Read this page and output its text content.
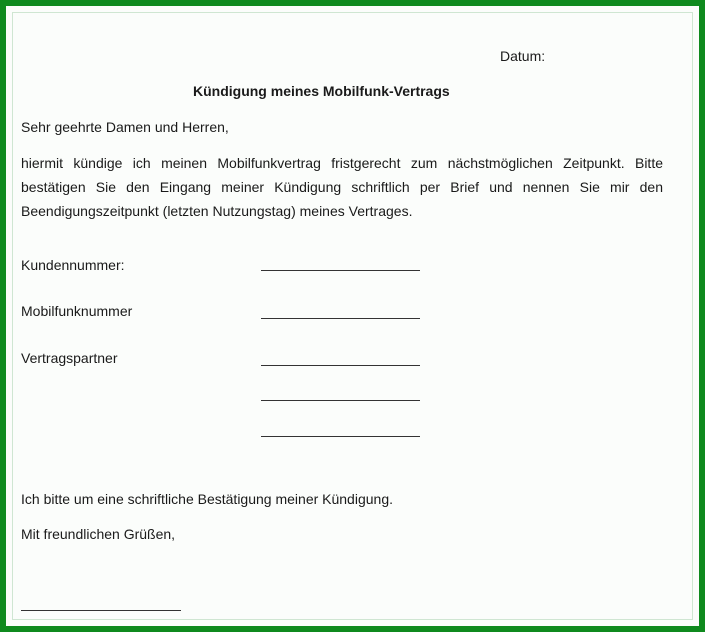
Datum:
Kündigung meines Mobilfunk-Vertrags
Sehr geehrte Damen und Herren,
hiermit kündige ich meinen Mobilfunkvertrag fristgerecht zum nächstmöglichen Zeitpunkt. Bitte
bestätigen Sie den Eingang meiner Kündigung schriftlich per Brief und nennen Sie mir den
Beendigungszeitpunkt (letzten Nutzungstag) meines Vertrages.
Kundennummer:
Mobilfunknummer
Vertragspartner
Ich bitte um eine schriftliche Bestätigung meiner Kündigung.
Mit freundlichen Grüßen,
